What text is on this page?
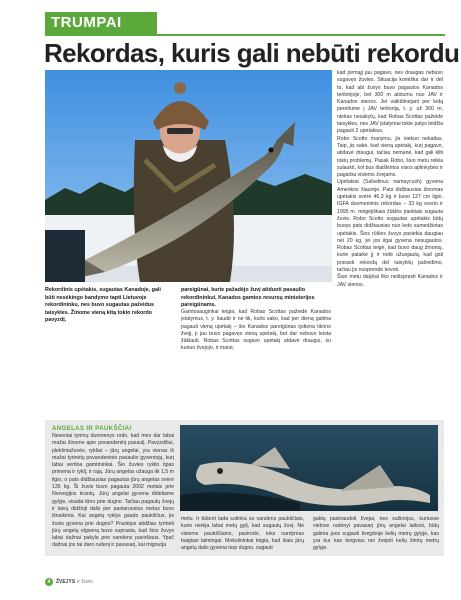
TRUMPAI
Rekordas, kuris gali nebūti rekordu
kad pirmąjį jau pagavo, nes draugas nebuvo sugavęs žuvies. Situacija komiška dar ir dėl to, kad abi žuvys buvo pagautos Kanados teritorijoje, bet 300 m atstumu nuo JAV ir Kanados sienos. Jei vaikštinėjant per ledą pereitume į JAV teritoriją, t. y. už 300 m, niekas nesakytų, kad Robas Scottas pažeidė taisykles, nes JAV įstatymai tokie patys leidžia pagauti 2 upėtakius.
Robo Scotto manymu, jis niekuo nekaltas. Taip, jis sakė, kad vieną upėtakį, kurį pagavo, atidavė draugui, tačiau nemanė, kad gali kilti tokių problemų. Pasak Robo, šiuo metu reikia sulaukti, kol bus išaiškintos visos aplinkybės ir pagarba visiems žvejams.
Upėtakiai (Salvelinus namaycush) gyvena Amerikos šiaurėje. Pats didžiausias žinomas upėtakis svėrė 46,3 kg ir buvo 127 cm ilgio. IGFA duomenimis rekordas – 33 kg svorio ir 1995 m. mėgėjiškais žūklės įrankiais sugauta žuvis. Robo Scotto sugautas upėtakis būtų buvęs pats didžiausias nuo ledo sumedžiotas upėtakis. Šios rūšies žuvys pasiekia daugiau nei 20 kg, jei jos ilgai gyvena nesugautos. Robas Scottas teigė, kad buvo daug žmonių, kurie palaikė jį ir rodė užuojautą, kad gali prarasti rekordą dėl taisyklių pažeidimo, tačiau jis nusprendė kovoti.
Šiuo metu dalykai liko neišspręsti Kanados ir JAV sienos.
Rekordinis upėtakis, sugautas Kanadoje, gali būti nesėkingo bandymo tapti Lietuvoje rekordininku, nes buvo sugautas pažeidus taisykles. Žinome vieną kitą tokio rekordo pavyzdį.
pareigūnai, kurie pažadėjo žuvį atiduoti pasaulio rekordininkui, Kanados gamtos resursų ministerijos pareigūnams.
Gamtosauginkai teigia, kad Robas Scottas pažeidė Kanados įstatymus, t. y. šaudė ir ne tik, kuris sako, kad per dieną galima pagauti vieną upėtakį – šio Kanados pareigūnas tydiena tikrino žvejį, ji jau buvo pagavęs vieną upėtakį, bet dar nebuvo leista žūklauti. Robas Scottas sugavo upėtakį atdavė draugui, su kuriuo žvejojo, ir manė,
ANGELAS IR PAUKŠČIAI
Neseniai tyrimų duomenys rodo, kad mes dar labai mažai žinome apie povandeninį pasaulį. Pavyzdžiui, plekšniažuvės, rykliai – jūrų angelai, yra vienas iš mažai tyrinėtų povandeninio pasaulio gyventojų, kurį labai vertina gamtininkai. Šio žuvies ryklio tipas primena ir ryklį, ir rają. Jūrų angelas užauga iki 1,5 m ilgio, o pats didžiausias pagautas jūrų angelas svėrė 135 kg. Ši žuvis buvo pagauta 2002 metais prie Norvegijos krantų. Jūrų angelai gyvena dideliame gylyje, visada tūno prie dugno. Tačiau pagautų žvejų ir laivų didžioji dalis per pastaruosius metus buvo išnaikinta. Kai angelų ryklys gaudo paukščius, jis žuvis gyvena prie dugno? Pradėjus atidžiau tyrinėti jūrų angelų elgseną buvo suprasta, kad šios žuvys labai dažnai pakyla prie vandens paviršiaus. Ypač dažnai jos tai daro rudenį ir pavasarį, kai migruoja
metu. Ir būtent tada sutinka su vandens paukščiais, kurie nerėja labai metų gylį, kad sugautų žuvį. Ne visiems paukščiams, pasirodo, toks nardymas baigiasi laimingai. Mokslininkai teigia, kad šiais jūrų angelų dalis gyvena tarp dugno, sugauti
gaktų pasinaudoti žvejai, nes sužinojus, kuriuose vietose radėnyi pavasarį jūrų angelai laikosi, būtų galima juos sugauti žvejyboje kelių metrų gylyje, kas yra kur kas lengviau nei žvejoti kelių šimtų metrų gylyje.
4	ŽVEJYS ir žuvis
